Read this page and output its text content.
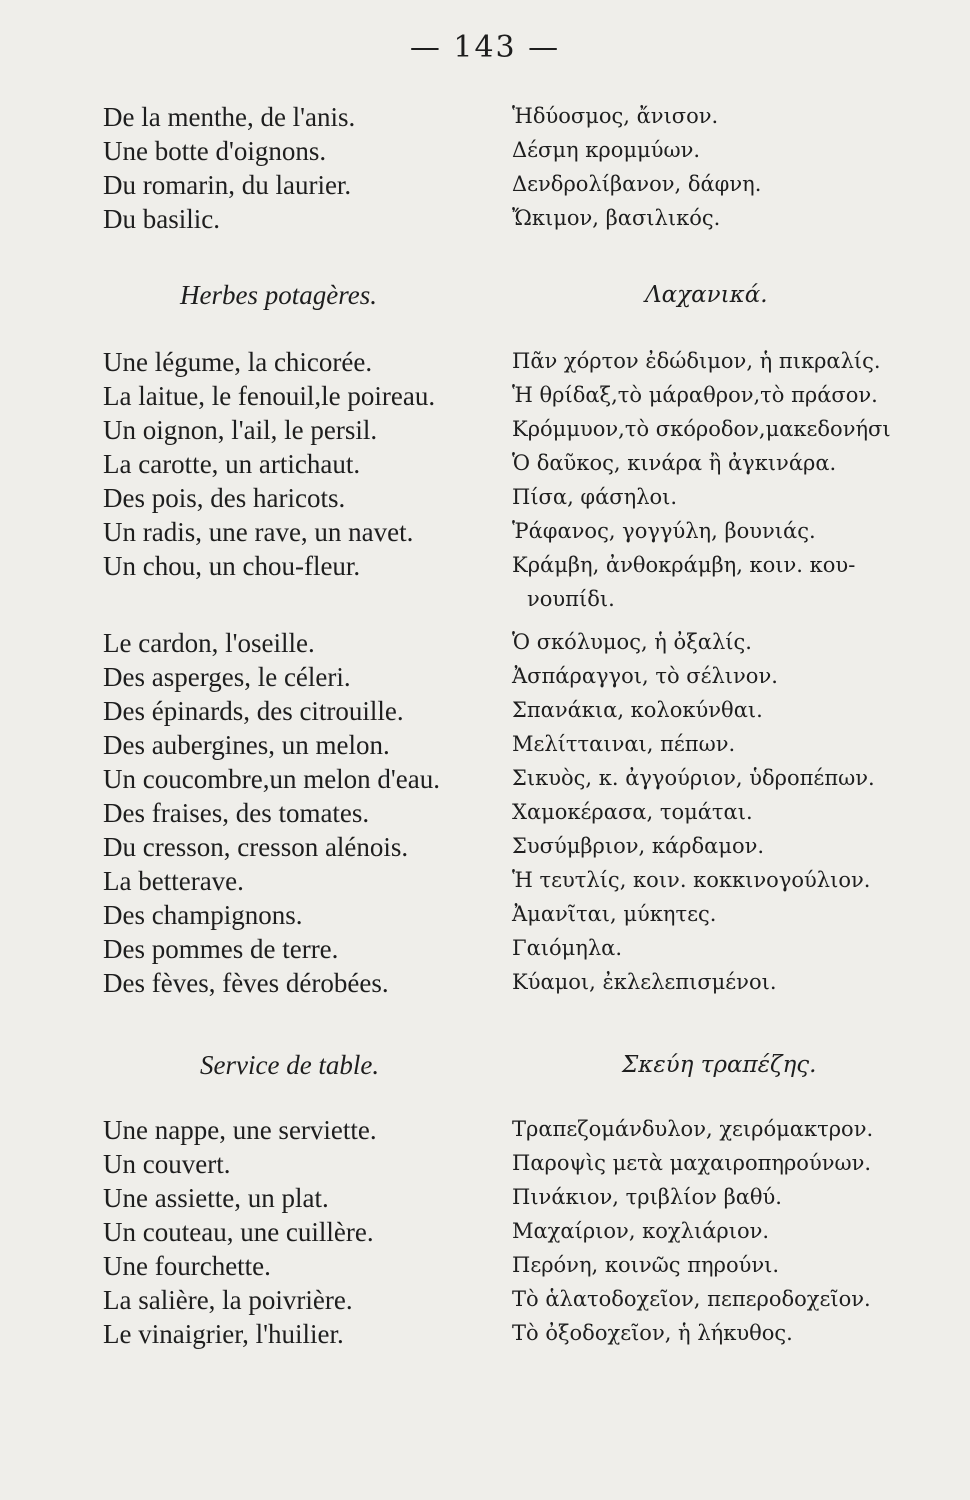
— 143 —
De la menthe, de l'anis.	Ἡδύοσμος, ἄνισον.
Une botte d'oignons.	Δέσμη κρομμύων.
Du romarin, du laurier.	Δενδρολίβανον, δάφνη.
Du basilic.	Ὤκιμον, βασιλικός.
Herbes potagères.	Λαχανικά.
Une légume, la chicorée.	Πᾶν χόρτον ἐδώδιμον, ἡ πικραλίς.
La laitue, le fenouil,le poireau.	Ἡ θρίδαξ,τὸ μάραθρον,τὸ πράσον.
Un oignon, l'ail, le persil.	Κρόμμυον,τὸ σκόροδον,μακεδονήσι
La carotte, un artichaut.	Ὁ δαῦκος, κινάρα ἢ ἀγκινάρα.
Des pois, des haricots.	Πίσα, φάσηλοι.
Un radis, une rave, un navet.	Ῥάφανος, γογγύλη, βουνιάς.
Un chou, un chou-fleur.	Κράμβη, ἀνθοκράμβη, κοιν. κου-
νουπίδι.
Le cardon, l'oseille.	Ὁ σκόλυμος, ἡ ὀξαλίς.
Des asperges, le céleri.	Ἀσπάραγγοι, τὸ σέλινον.
Des épinards, des citrouille.	Σπανάκια, κολοκύνθαι.
Des aubergines, un melon.	Μελίτταιναι, πέπων.
Un coucombre,un melon d'eau.	Σικυὸς, κ. ἀγγούριον, ὑδροπέπων.
Des fraises, des tomates.	Χαμοκέρασα, τομάται.
Du cresson, cresson alénois.	Συσύμβριον, κάρδαμον.
La betterave.	Ἡ τευτλίς, κοιν. κοκκινογούλιον.
Des champignons.	Ἀμανῖται, μύκητες.
Des pommes de terre.	Γαιόμηλα.
Des fèves, fèves dérobées.	Κύαμοι, ἐκλελεπισμένοι.
Service de table.	Σκεύη τραπέζης.
Une nappe, une serviette.	Τραπεζομάνδυλον, χειρόμακτρον.
Un couvert.	Παροψὶς μετὰ μαχαιροπηρούνων.
Une assiette, un plat.	Πινάκιον, τριβλίον βαθύ.
Un couteau, une cuillère.	Μαχαίριον, κοχλιάριον.
Une fourchette.	Περόνη, κοινῶς πηρούνι.
La salière, la poivrière.	Τὸ ἁλατοδοχεῖον, πεπεροδοχεῖον.
Le vinaigrier, l'huilier.	Τὸ ὀξοδοχεῖον, ἡ λήκυθος.
